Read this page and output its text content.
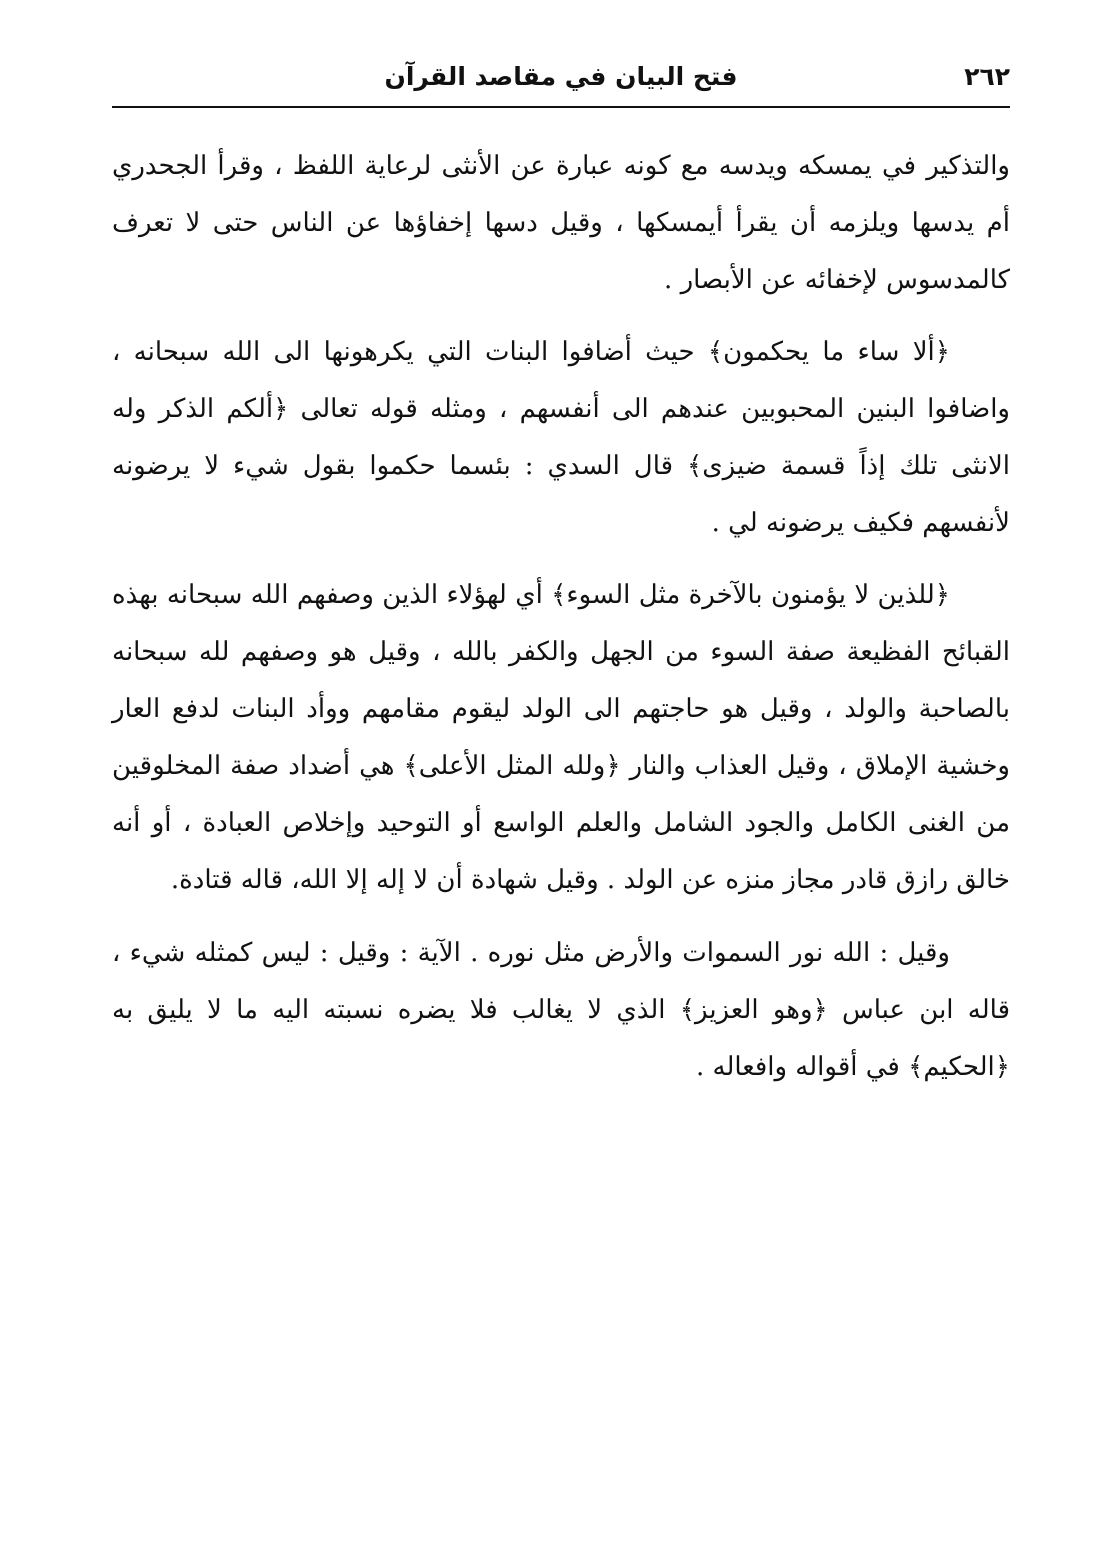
٢٦٢
فتح البيان في مقاصد القرآن

والتذكير في يمسكه ويدسه مع كونه عبارة عن الأنثى لرعاية اللفظ ، وقرأ الجحدري أم يدسها ويلزمه أن يقرأ أيمسكها ، وقيل دسها إخفاؤها عن الناس حتى لا تعرف كالمدسوس لإخفائه عن الأبصار .

﴿ألا ساء ما يحكمون﴾ حيث أضافوا البنات التي يكرهونها الى الله سبحانه ، واضافوا البنين المحبوبين عندهم الى أنفسهم ، ومثله قوله تعالى ﴿ألكم الذكر وله الانثى تلك إذاً قسمة ضيزى﴾ قال السدي : بئسما حكموا بقول شيء لا يرضونه لأنفسهم فكيف يرضونه لي .

﴿للذين لا يؤمنون بالآخرة مثل السوء﴾ أي لهؤلاء الذين وصفهم الله سبحانه بهذه القبائح الفظيعة صفة السوء من الجهل والكفر بالله ، وقيل هو وصفهم لله سبحانه بالصاحبة والولد ، وقيل هو حاجتهم الى الولد ليقوم مقامهم ووأد البنات لدفع العار وخشية الإملاق ، وقيل العذاب والنار ﴿ولله المثل الأعلى﴾ هي أضداد صفة المخلوقين من الغنى الكامل والجود الشامل والعلم الواسع أو التوحيد وإخلاص العبادة ، أو أنه خالق رازق قادر مجاز منزه عن الولد . وقيل شهادة أن لا إله إلا الله، قاله قتادة.

وقيل : الله نور السموات والأرض مثل نوره . الآية : وقيل : ليس كمثله شيء ، قاله ابن عباس ﴿وهو العزيز﴾ الذي لا يغالب فلا يضره نسبته اليه ما لا يليق به ﴿الحكيم﴾ في أقواله وافعاله .
